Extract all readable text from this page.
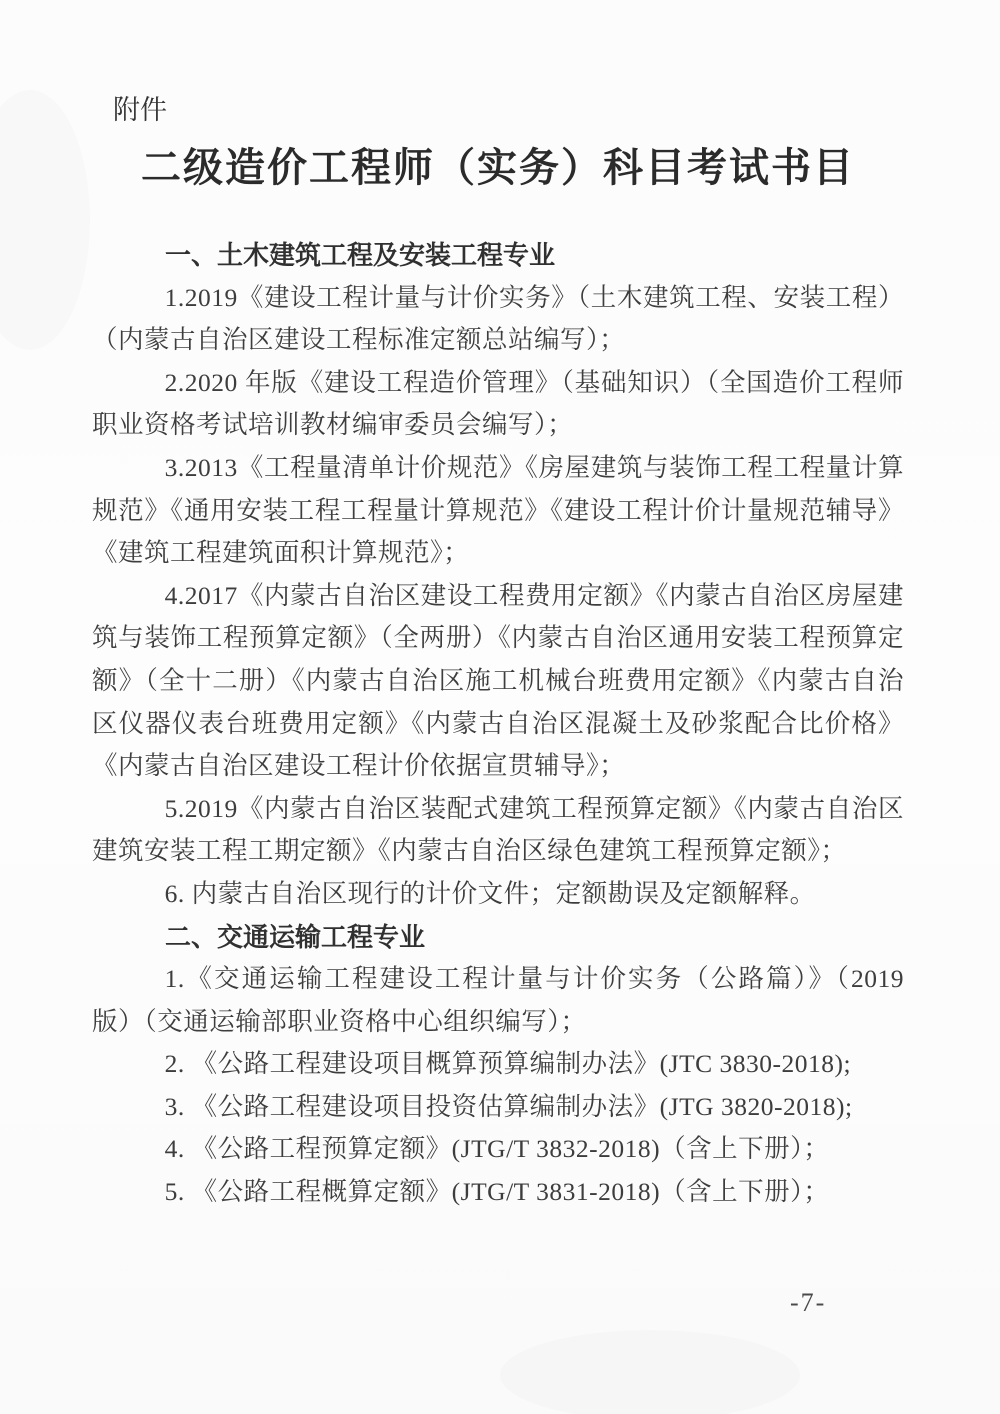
附件
二级造价工程师（实务）科目考试书目
一、土木建筑工程及安装工程专业

1.2019《建设工程计量与计价实务》（土木建筑工程、安装工程）（内蒙古自治区建设工程标准定额总站编写）；

2.2020 年版《建设工程造价管理》（基础知识）（全国造价工程师职业资格考试培训教材编审委员会编写）；

3.2013《工程量清单计价规范》《房屋建筑与装饰工程工程量计算规范》《通用安装工程工程量计算规范》《建设工程计价计量规范辅导》《建筑工程建筑面积计算规范》；

4.2017《内蒙古自治区建设工程费用定额》《内蒙古自治区房屋建筑与装饰工程预算定额》（全两册）《内蒙古自治区通用安装工程预算定额》（全十二册）《内蒙古自治区施工机械台班费用定额》《内蒙古自治区仪器仪表台班费用定额》《内蒙古自治区混凝土及砂浆配合比价格》《内蒙古自治区建设工程计价依据宣贯辅导》；

5.2019《内蒙古自治区装配式建筑工程预算定额》《内蒙古自治区建筑安装工程工期定额》《内蒙古自治区绿色建筑工程预算定额》；

6. 内蒙古自治区现行的计价文件；定额勘误及定额解释。

二、交通运输工程专业

1.《交通运输工程建设工程计量与计价实务（公路篇）》（2019 版）（交通运输部职业资格中心组织编写）；

2. 《公路工程建设项目概算预算编制办法》(JTC 3830-2018);

3. 《公路工程建设项目投资估算编制办法》(JTG 3820-2018);

4. 《公路工程预算定额》(JTG/T 3832-2018)（含上下册）；

5. 《公路工程概算定额》(JTG/T 3831-2018)（含上下册）；

-7-
